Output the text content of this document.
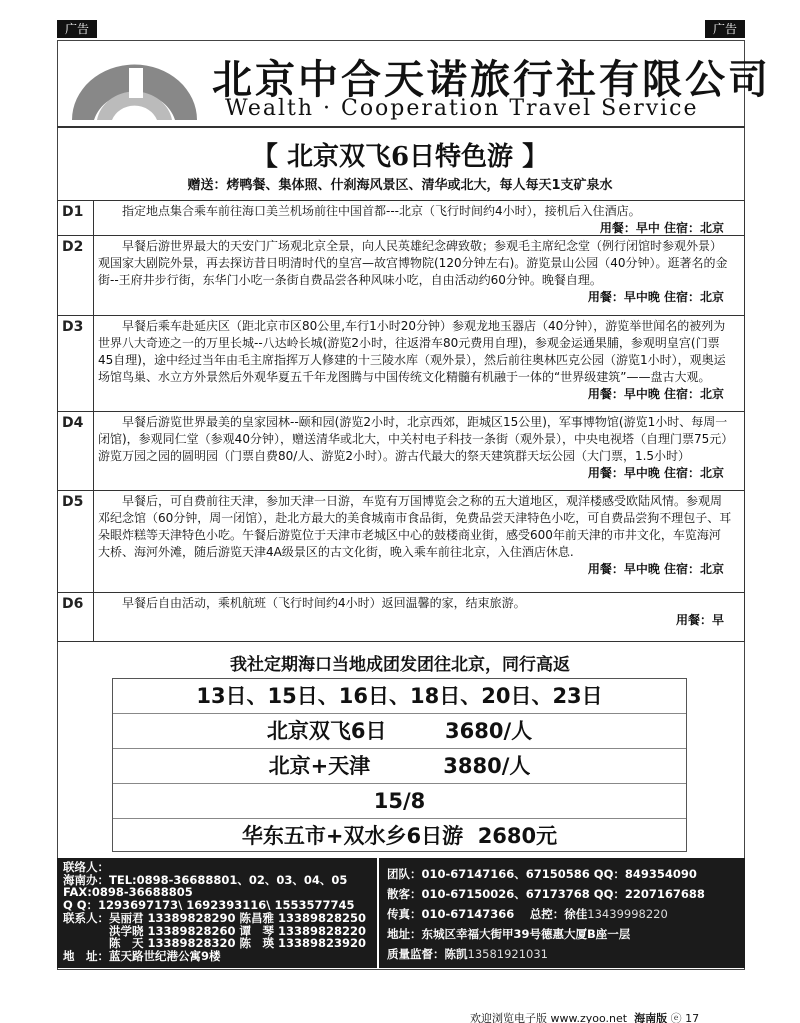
广告	广告
北京中合天诺旅行社有限公司
Wealth · Cooperation Travel Service
【 北京双飞6日特色游 】
赠送：烤鸭餐、集体照、什刹海风景区、清华或北大，每人每天1支矿泉水
D1	指定地点集合乘车前往海口美兰机场前往中国首都---北京（飞行时间约4小时），接机后入住酒店。

用餐：早中 住宿：北京
D2	早餐后游世界最大的天安门广场观北京全景，向人民英雄纪念碑致敬；参观毛主席纪念堂（例行闭馆时参观外景）观国家大剧院外景，再去探访昔日明清时代的皇宫—故宫博物院(120分钟左右)。游览景山公园（40分钟）。逛著名的金街--王府井步行街，东华门小吃一条街自费品尝各种风味小吃，自由活动约60分钟。晚餐自理。

用餐：早中晚 住宿：北京
D3	早餐后乘车赴延庆区（距北京市区80公里,车行1小时20分钟）参观龙地玉器店（40分钟），游览举世闻名的被列为世界八大奇迹之一的万里长城--八达岭长城(游览2小时，往返滑车80元费用自理)，参观金运通果脯，参观明皇宫(门票45自理)，途中经过当年由毛主席指挥万人修建的十三陵水库（观外景），然后前往奥林匹克公园（游览1小时），观奥运场馆鸟巢、水立方外景然后外观华夏五千年龙图腾与中国传统文化精髓有机融于一体的“世界级建筑”——盘古大观。

用餐：早中晚 住宿：北京
D4	早餐后游览世界最美的皇家园林--颐和园(游览2小时，北京西郊，距城区15公里)，军事博物馆(游览1小时、每周一闭馆)，参观同仁堂（参观40分钟），赠送清华或北大，中关村电子科技一条街（观外景），中央电视塔（自理门票75元）游览万园之园的圆明园（门票自费80/人、游览2小时）。游古代最大的祭天建筑群天坛公园（大门票，1.5小时）

用餐：早中晚 住宿：北京
D5	早餐后，可自费前往天津，参加天津一日游，车览有万国博览会之称的五大道地区，观洋楼感受欧陆风情。参观周邓纪念馆（60分钟，周一闭馆），赴北方最大的美食城南市食品街，免费品尝天津特色小吃，可自费品尝狗不理包子、耳朵眼炸糕等天津特色小吃。午餐后游览位于天津市老城区中心的鼓楼商业街，感受600年前天津的市井文化，车览海河大桥、海河外滩，随后游览天津4A级景区的古文化街，晚入乘车前往北京，入住酒店休息.

用餐：早中晚 住宿：北京
D6	早餐后自由活动，乘机航班（飞行时间约4小时）返回温馨的家，结束旅游。

用餐：早
我社定期海口当地成团发团往北京，同行高返
13日、15日、16日、18日、20日、23日
北京双飞6日        3680/人
北京+天津          3880/人
15/8
华东五市+双水乡6日游  2680元
联络人：
海南办：TEL:0898-36688801、02、03、04、05
FAX:0898-36688805
Q Q：1293697173\ 1692393116\ 1553577745
联系人：吴丽君 13389828290 陈昌雅 13389828250
　　　　洪学晓 13389828260 谭　琴 13389828220
　　　　陈　天 13389828320 陈　瑛 13389823920
地　址：蓝天路世纪港公寓9楼
团队：010-67147166、67150586 QQ：849354090
散客：010-67150026、67173768 QQ：2207167688
传真：010-67147366　 总控：徐佳13439998220
地址：东城区幸福大街甲39号德惠大厦B座一层
质量监督：陈凯13581921031
欢迎浏览电子版 www.zyoo.net 海南版 ⓔ 17
